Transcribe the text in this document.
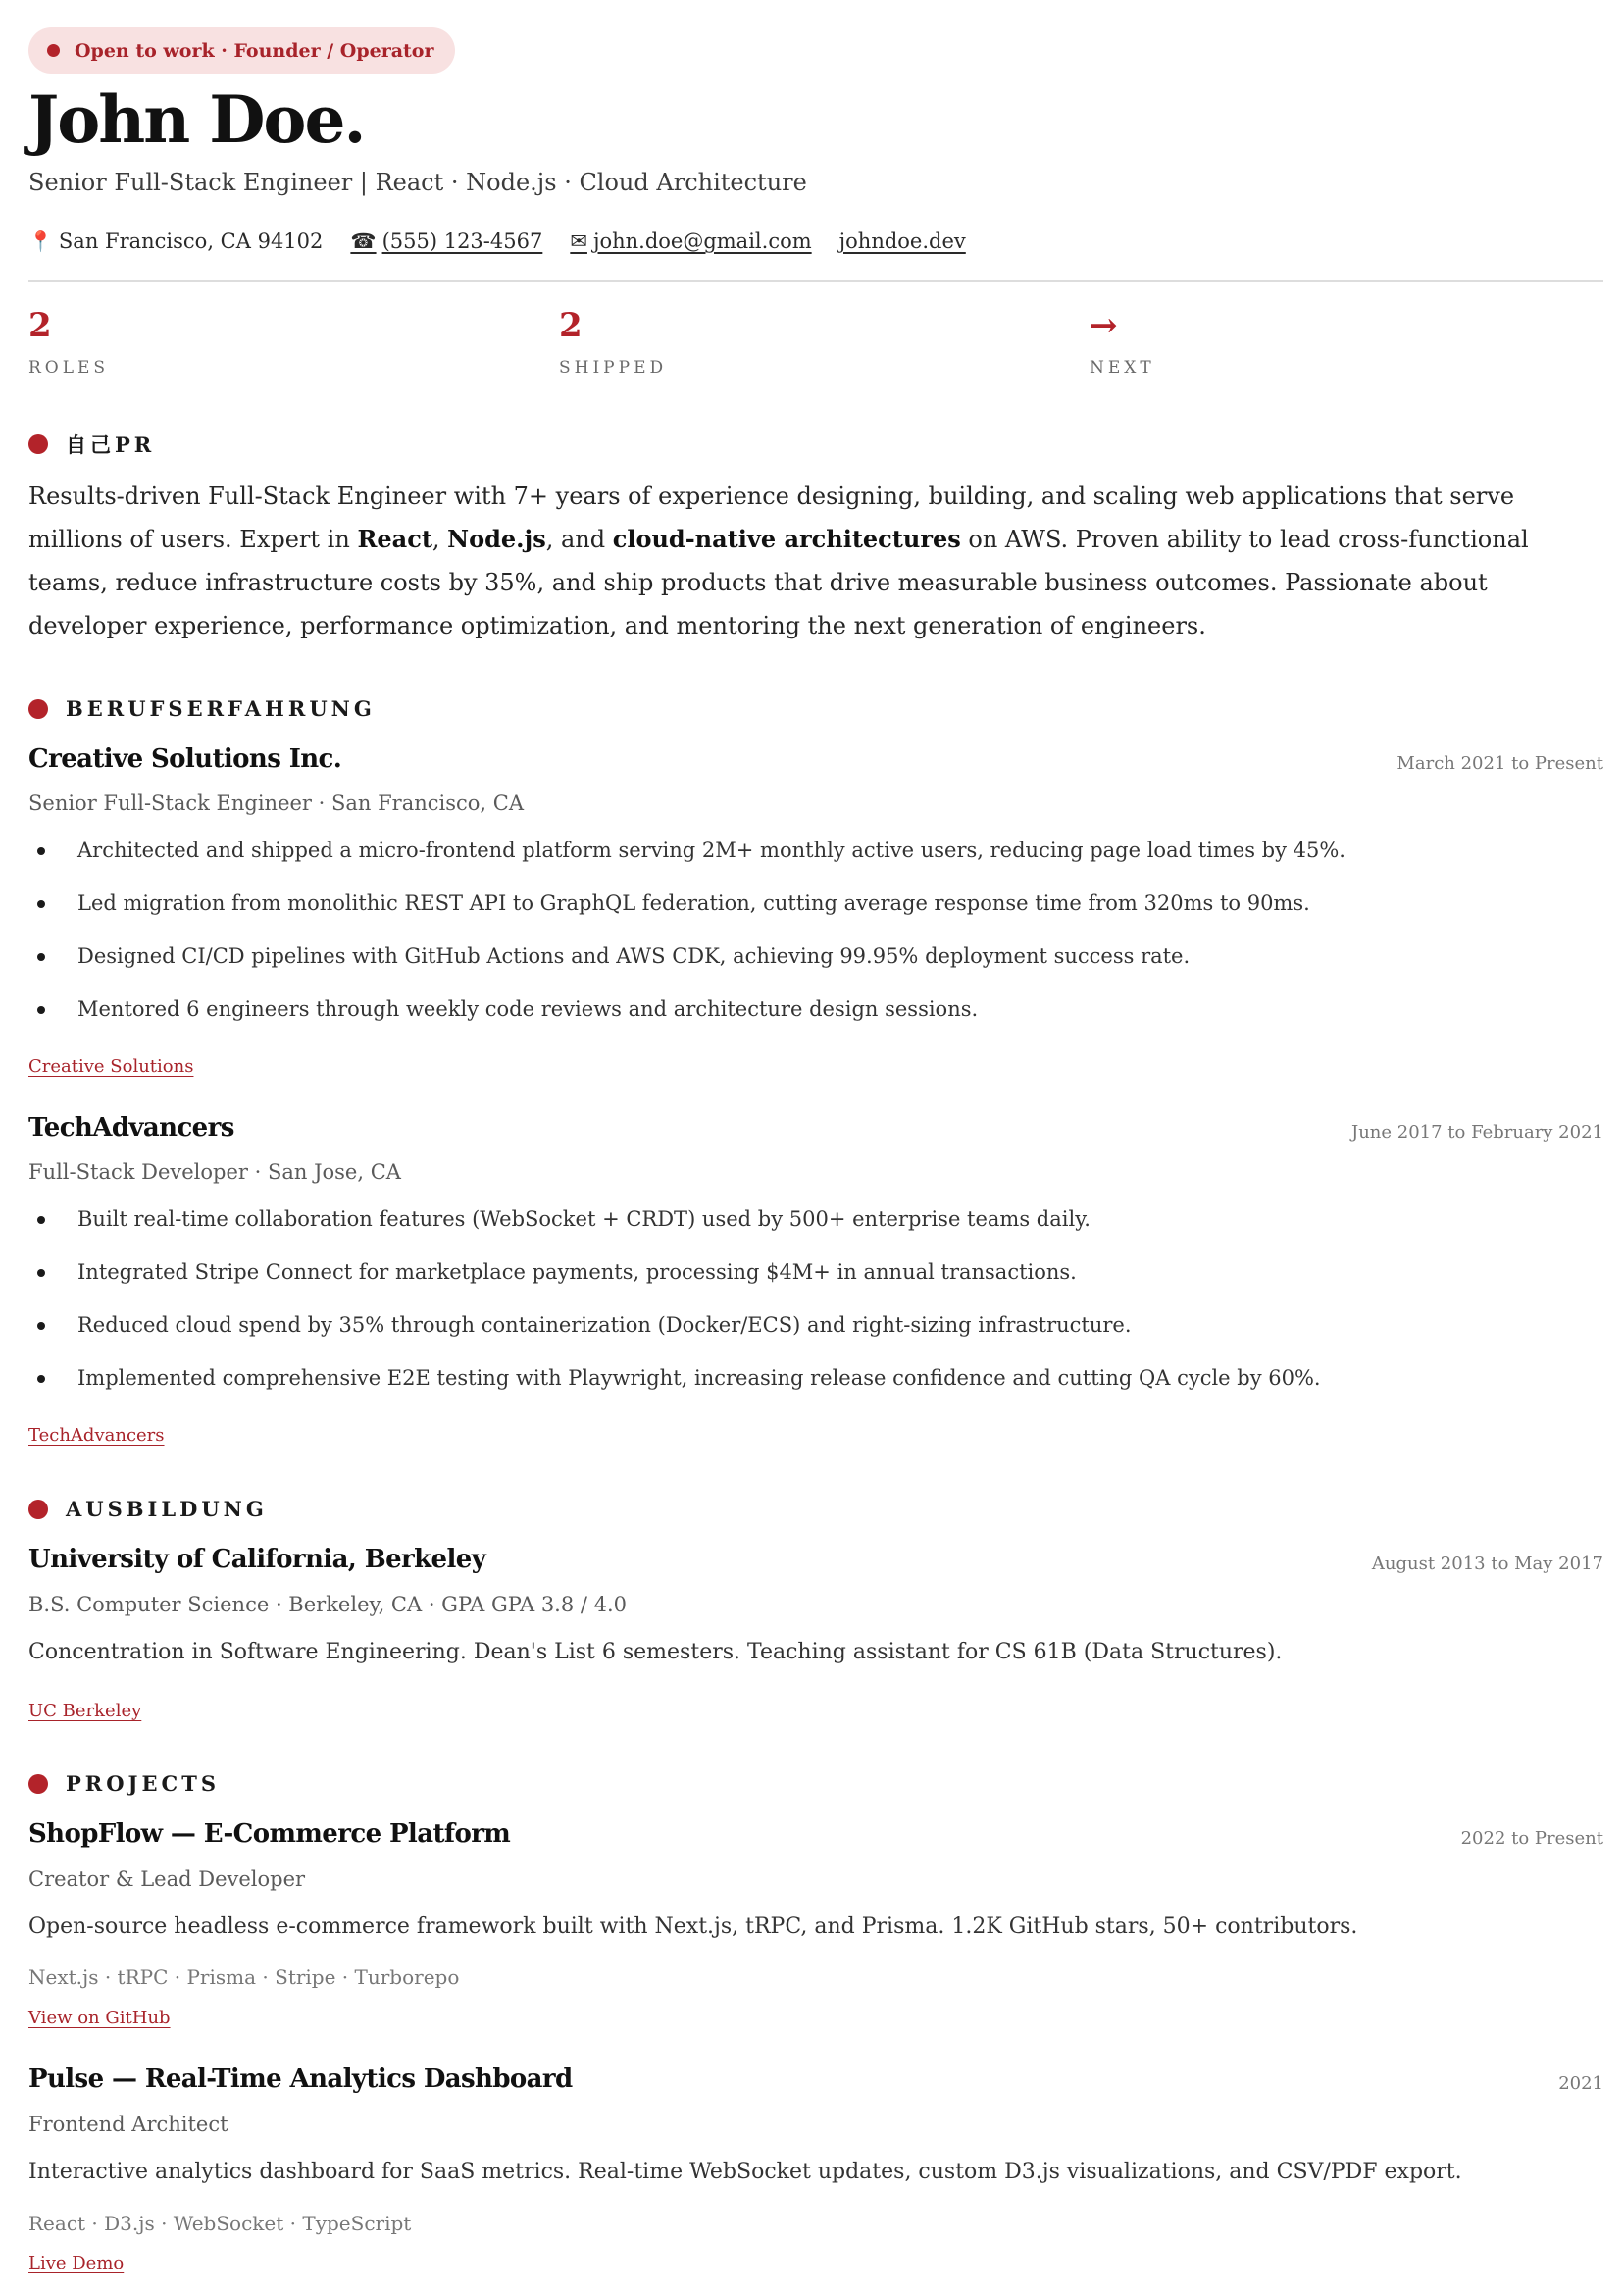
Open to work · Founder / Operator
John Doe.
Senior Full-Stack Engineer | React · Node.js · Cloud Architecture
📍 San Francisco, CA 94102 ☎ (555) 123-4567 ✉ john.doe@gmail.com johndoe.dev
2
ROLES
2
SHIPPED
→
NEXT
自己PR
Results-driven Full-Stack Engineer with 7+ years of experience designing, building, and scaling web applications that serve millions of users. Expert in React, Node.js, and cloud-native architectures on AWS. Proven ability to lead cross-functional teams, reduce infrastructure costs by 35%, and ship products that drive measurable business outcomes. Passionate about developer experience, performance optimization, and mentoring the next generation of engineers.
BERUFSERFAHRUNG
Creative Solutions Inc.	March 2021 to Present
Senior Full-Stack Engineer · San Francisco, CA
Architected and shipped a micro-frontend platform serving 2M+ monthly active users, reducing page load times by 45%.
Led migration from monolithic REST API to GraphQL federation, cutting average response time from 320ms to 90ms.
Designed CI/CD pipelines with GitHub Actions and AWS CDK, achieving 99.95% deployment success rate.
Mentored 6 engineers through weekly code reviews and architecture design sessions.
Creative Solutions
TechAdvancers	June 2017 to February 2021
Full-Stack Developer · San Jose, CA
Built real-time collaboration features (WebSocket + CRDT) used by 500+ enterprise teams daily.
Integrated Stripe Connect for marketplace payments, processing $4M+ in annual transactions.
Reduced cloud spend by 35% through containerization (Docker/ECS) and right-sizing infrastructure.
Implemented comprehensive E2E testing with Playwright, increasing release confidence and cutting QA cycle by 60%.
TechAdvancers
AUSBILDUNG
University of California, Berkeley	August 2013 to May 2017
B.S. Computer Science · Berkeley, CA · GPA GPA 3.8 / 4.0
Concentration in Software Engineering. Dean's List 6 semesters. Teaching assistant for CS 61B (Data Structures).
UC Berkeley
PROJECTS
ShopFlow — E-Commerce Platform	2022 to Present
Creator & Lead Developer
Open-source headless e-commerce framework built with Next.js, tRPC, and Prisma. 1.2K GitHub stars, 50+ contributors.
Next.js · tRPC · Prisma · Stripe · Turborepo
View on GitHub
Pulse — Real-Time Analytics Dashboard	2021
Frontend Architect
Interactive analytics dashboard for SaaS metrics. Real-time WebSocket updates, custom D3.js visualizations, and CSV/PDF export.
React · D3.js · WebSocket · TypeScript
Live Demo
